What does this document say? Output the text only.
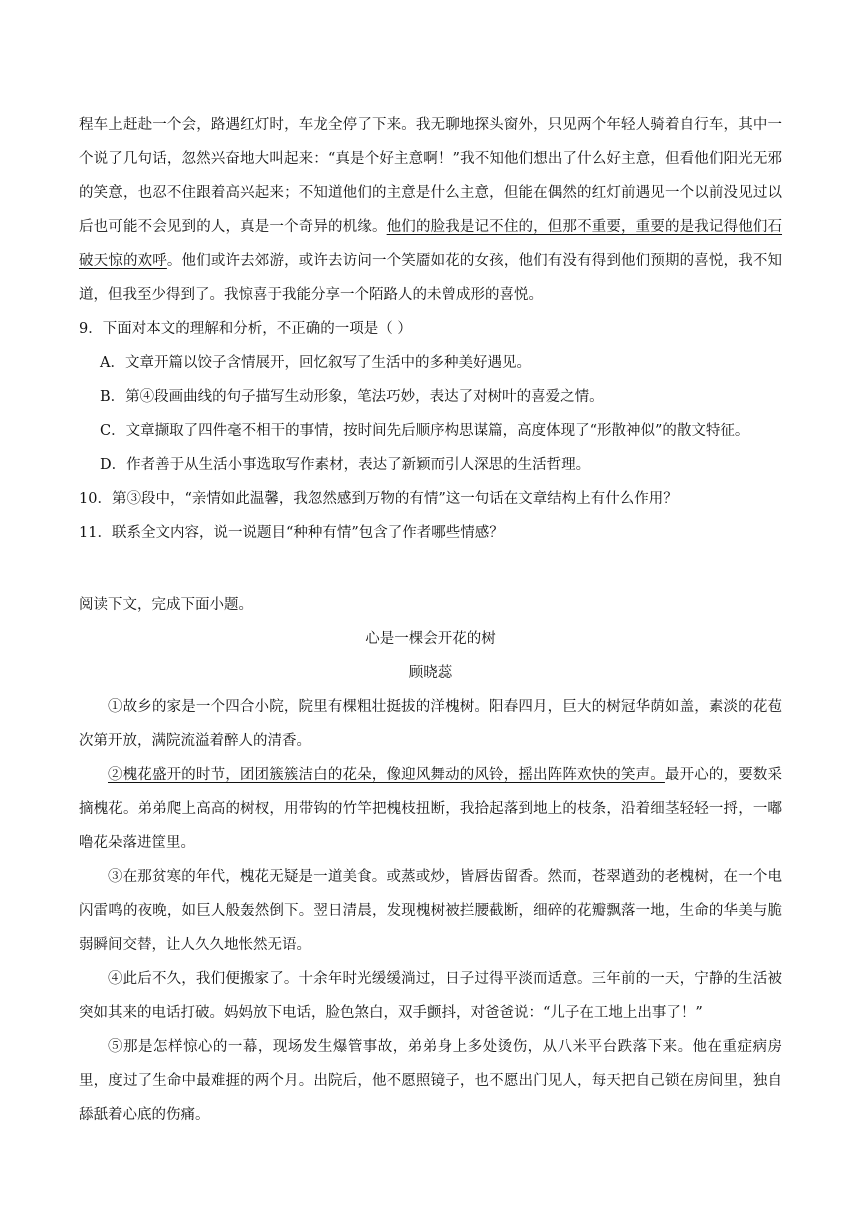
程车上赶赴一个会，路遇红灯时，车龙全停了下来。我无聊地探头窗外，只见两个年轻人骑着自行车，其中一个说了几句话，忽然兴奋地大叫起来：“真是个好主意啊！”我不知他们想出了什么好主意，但看他们阳光无邪的笑意，也忍不住跟着高兴起来；不知道他们的主意是什么主意，但能在偶然的红灯前遇见一个以前没见过以后也可能不会见到的人，真是一个奇异的机缘。他们的脸我是记不住的，但那不重要，重要的是我记得他们石破天惊的欢呼。他们或许去郊游，或许去访问一个笑靥如花的女孩，他们有没有得到他们预期的喜悦，我不知道，但我至少得到了。我惊喜于我能分享一个陌路人的未曾成形的喜悦。

9．下面对本文的理解和分析，不正确的一项是（ ）

A．文章开篇以饺子含情展开，回忆叙写了生活中的多种美好遇见。

B．第④段画曲线的句子描写生动形象，笔法巧妙，表达了对树叶的喜爱之情。

C．文章撷取了四件毫不相干的事情，按时间先后顺序构思谋篇，高度体现了“形散神似”的散文特征。

D．作者善于从生活小事选取写作素材，表达了新颖而引人深思的生活哲理。

10．第③段中，“亲情如此温馨，我忽然感到万物的有情”这一句话在文章结构上有什么作用？

11．联系全文内容，说一说题目“种种有情”包含了作者哪些情感？

阅读下文，完成下面小题。

心是一棵会开花的树

顾晓蕊

①故乡的家是一个四合小院，院里有棵粗壮挺拔的洋槐树。阳春四月，巨大的树冠华荫如盖，素淡的花苞次第开放，满院流溢着醉人的清香。

②槐花盛开的时节，团团簇簇洁白的花朵，像迎风舞动的风铃，摇出阵阵欢快的笑声。最开心的，要数采摘槐花。弟弟爬上高高的树杈，用带钩的竹竿把槐枝扭断，我拾起落到地上的枝条，沿着细茎轻轻一捋，一嘟噜花朵落进筐里。

③在那贫寒的年代，槐花无疑是一道美食。或蒸或炒，皆唇齿留香。然而，苍翠遒劲的老槐树，在一个电闪雷鸣的夜晚，如巨人般轰然倒下。翌日清晨，发现槐树被拦腰截断，细碎的花瓣飘落一地，生命的华美与脆弱瞬间交替，让人久久地怅然无语。

④此后不久，我们便搬家了。十余年时光缓缓淌过，日子过得平淡而适意。三年前的一天，宁静的生活被突如其来的电话打破。妈妈放下电话，脸色煞白，双手颤抖，对爸爸说：“儿子在工地上出事了！”

⑤那是怎样惊心的一幕，现场发生爆管事故，弟弟身上多处烫伤，从八米平台跌落下来。他在重症病房里，度过了生命中最难捱的两个月。出院后，他不愿照镜子，也不愿出门见人，每天把自己锁在房间里，独自舔舐着心底的伤痛。
